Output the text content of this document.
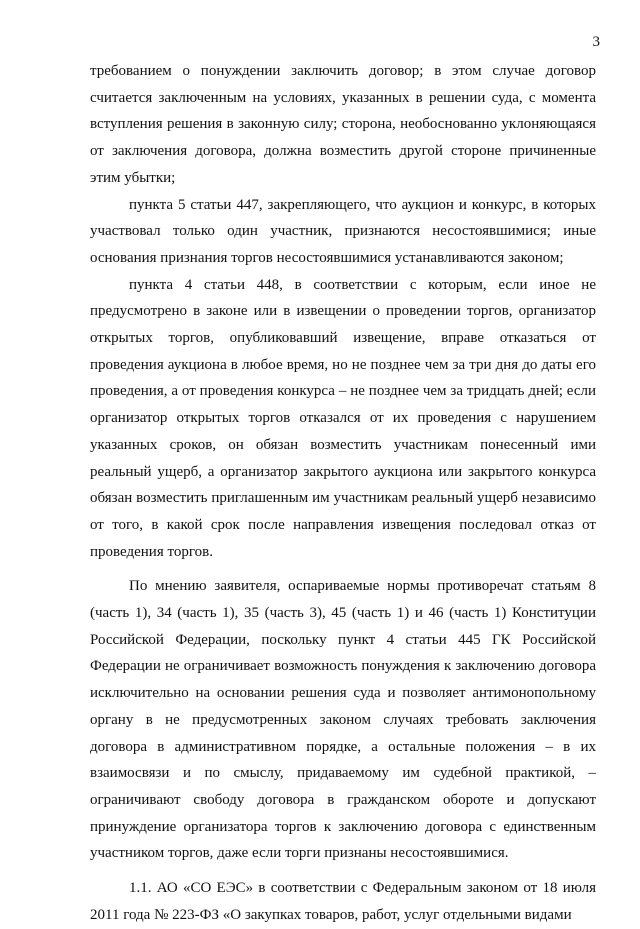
3

требованием о понуждении заключить договор; в этом случае договор считается заключенным на условиях, указанных в решении суда, с момента вступления решения в законную силу; сторона, необоснованно уклоняющаяся от заключения договора, должна возместить другой стороне причиненные этим убытки;

пункта 5 статьи 447, закрепляющего, что аукцион и конкурс, в которых участвовал только один участник, признаются несостоявшимися; иные основания признания торгов несостоявшимися устанавливаются законом;

пункта 4 статьи 448, в соответствии с которым, если иное не предусмотрено в законе или в извещении о проведении торгов, организатор открытых торгов, опубликовавший извещение, вправе отказаться от проведения аукциона в любое время, но не позднее чем за три дня до даты его проведения, а от проведения конкурса – не позднее чем за тридцать дней; если организатор открытых торгов отказался от их проведения с нарушением указанных сроков, он обязан возместить участникам понесенный ими реальный ущерб, а организатор закрытого аукциона или закрытого конкурса обязан возместить приглашенным им участникам реальный ущерб независимо от того, в какой срок после направления извещения последовал отказ от проведения торгов.

По мнению заявителя, оспариваемые нормы противоречат статьям 8 (часть 1), 34 (часть 1), 35 (часть 3), 45 (часть 1) и 46 (часть 1) Конституции Российской Федерации, поскольку пункт 4 статьи 445 ГК Российской Федерации не ограничивает возможность понуждения к заключению договора исключительно на основании решения суда и позволяет антимонопольному органу в не предусмотренных законом случаях требовать заключения договора в административном порядке, а остальные положения – в их взаимосвязи и по смыслу, придаваемому им судебной практикой, – ограничивают свободу договора в гражданском обороте и допускают принуждение организатора торгов к заключению договора с единственным участником торгов, даже если торги признаны несостоявшимися.

1.1. АО «СО ЕЭС» в соответствии с Федеральным законом от 18 июля 2011 года № 223-ФЗ «О закупках товаров, работ, услуг отдельными видами
